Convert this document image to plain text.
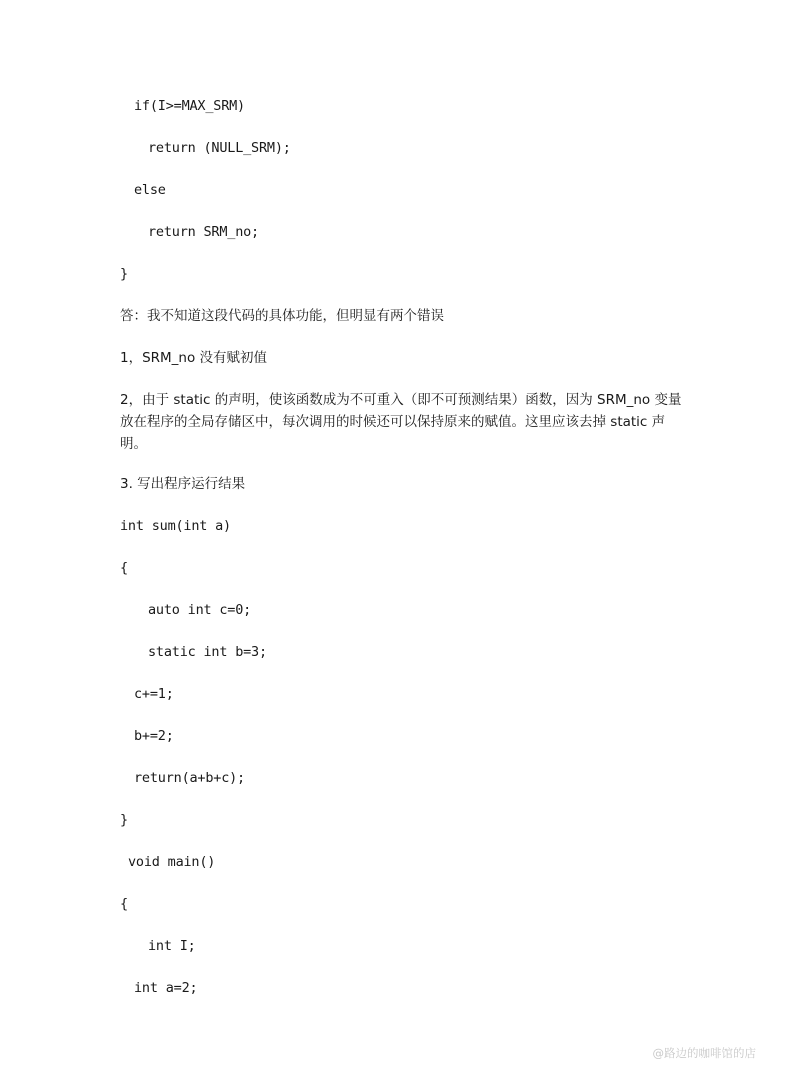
if(I>=MAX_SRM)
return (NULL_SRM);
else
return SRM_no;
}
答：我不知道这段代码的具体功能，但明显有两个错误
1，SRM_no 没有赋初值
2，由于 static 的声明，使该函数成为不可重入（即不可预测结果）函数，因为 SRM_no 变量放在程序的全局存储区中，每次调用的时候还可以保持原来的赋值。这里应该去掉 static 声明。
3. 写出程序运行结果
int sum(int a)
{
auto int c=0;
static int b=3;
c+=1;
b+=2;
return(a+b+c);
}
void main()
{
int I;
int a=2;
@路边的咖啡馆的店
